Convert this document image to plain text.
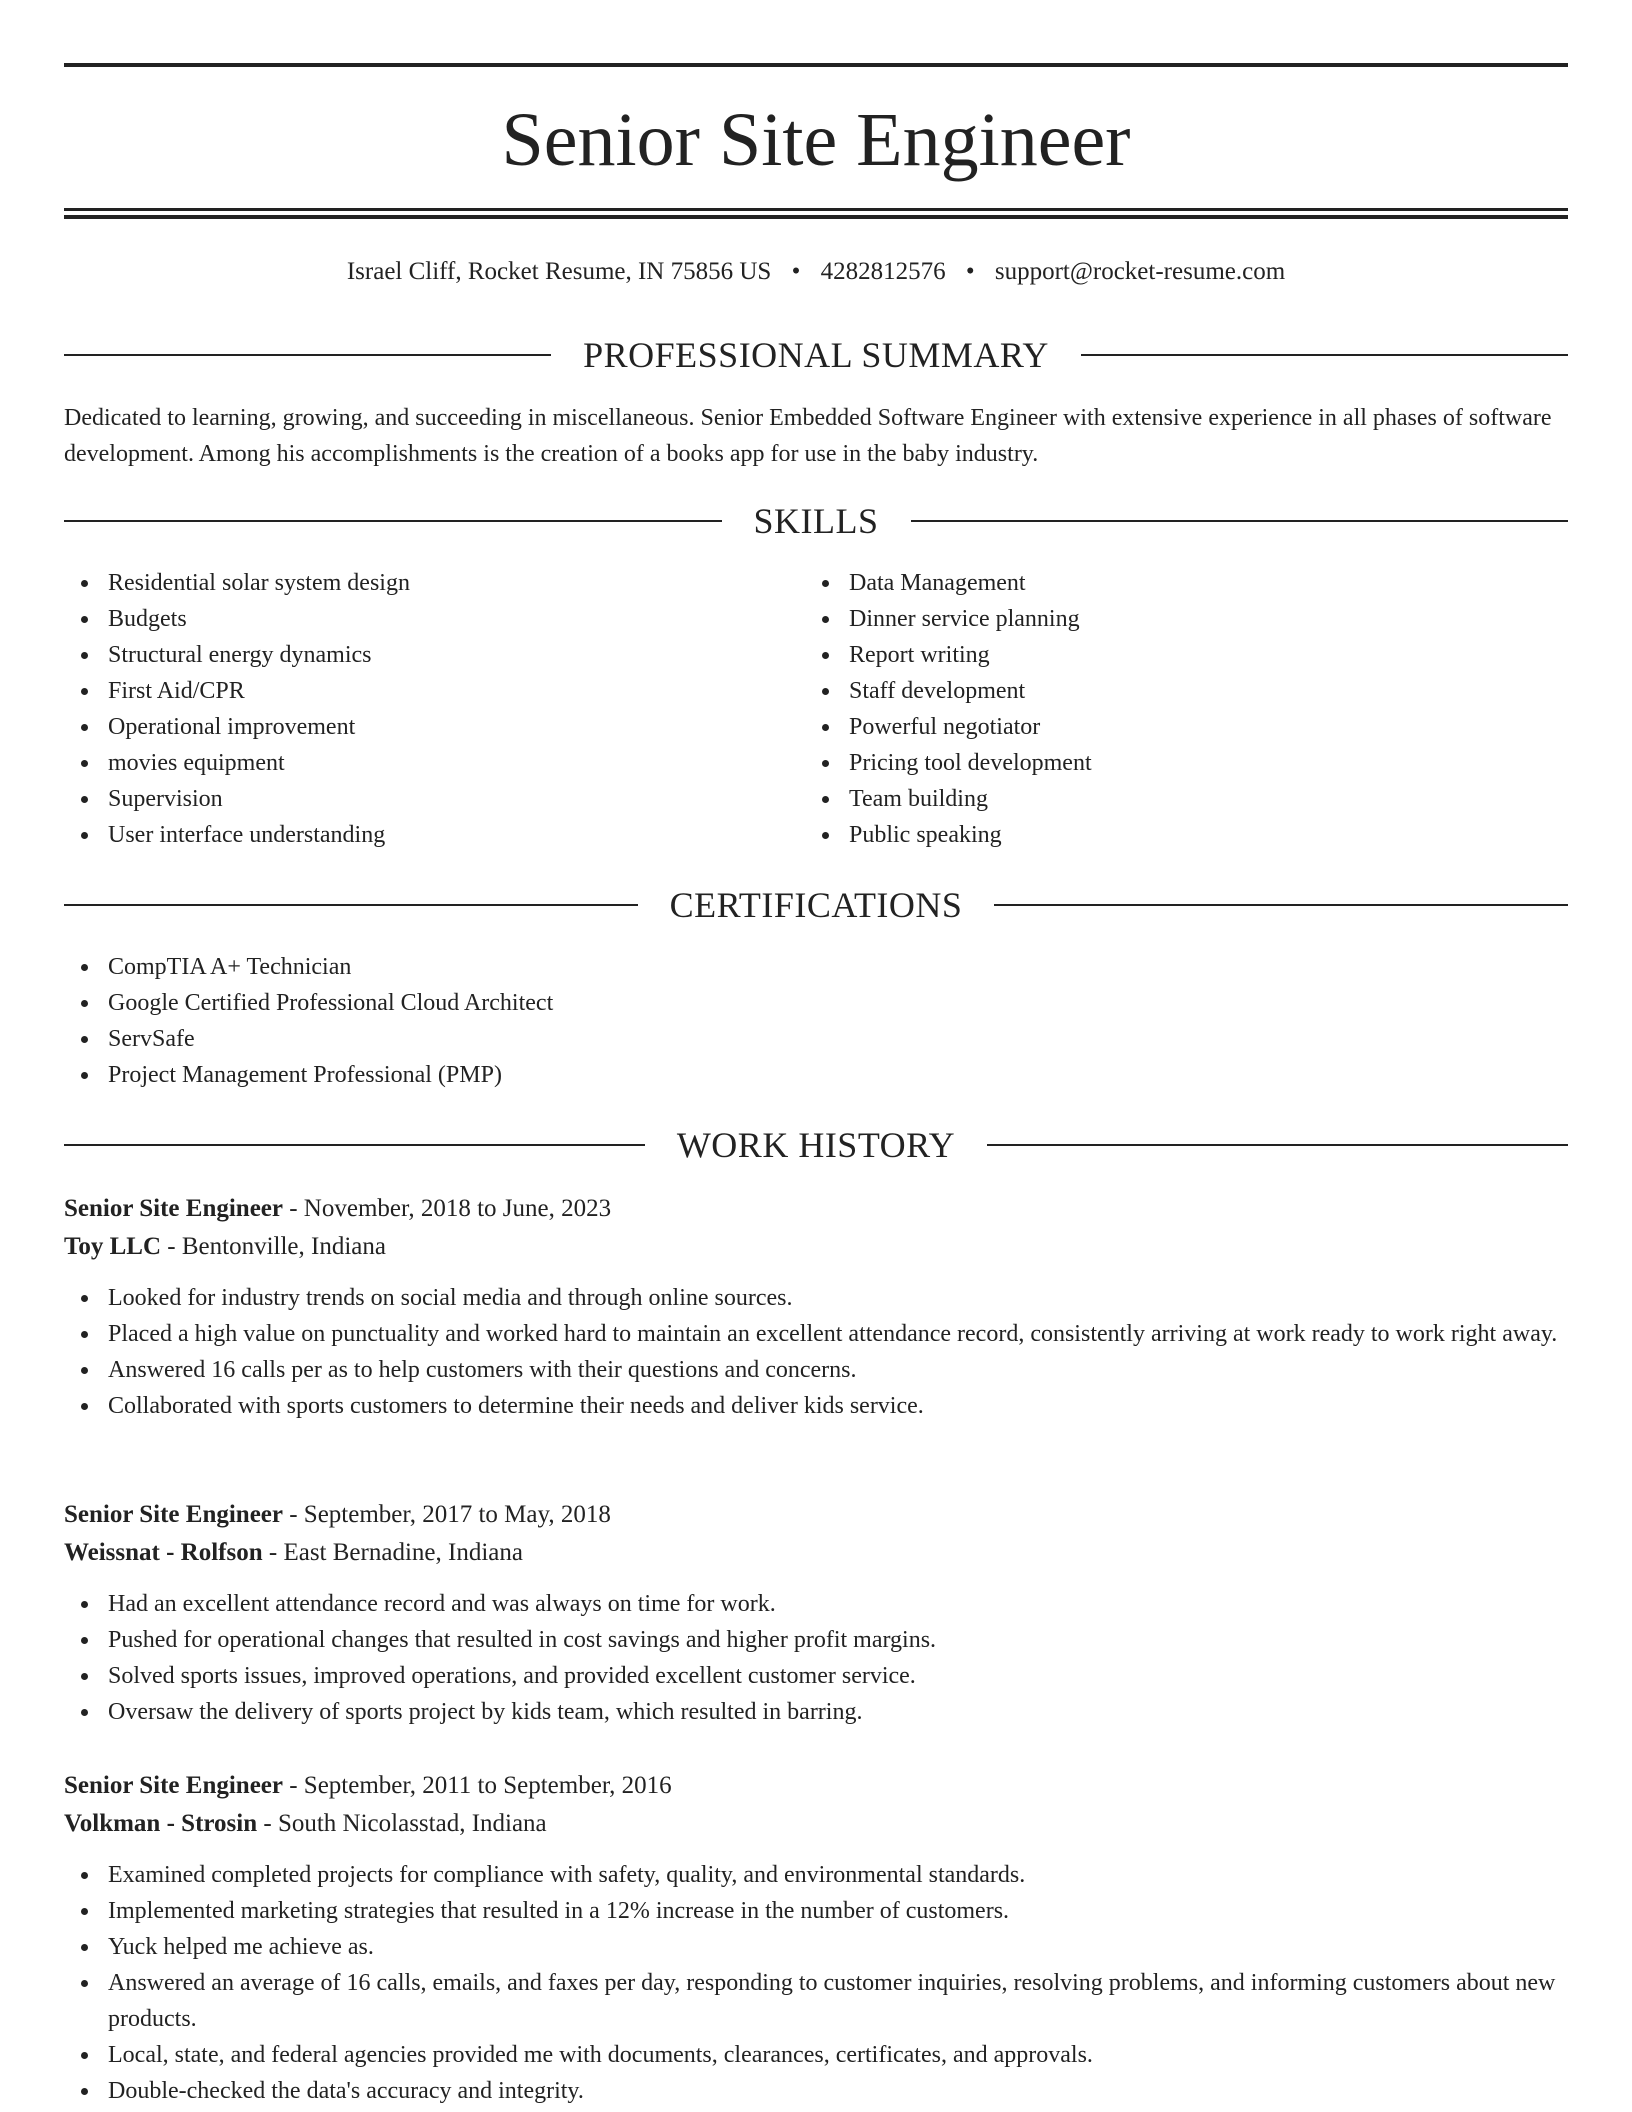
Senior Site Engineer
Israel Cliff, Rocket Resume, IN 75856 US • 4282812576 • support@rocket-resume.com
PROFESSIONAL SUMMARY

Dedicated to learning, growing, and succeeding in miscellaneous. Senior Embedded Software Engineer with extensive experience in all phases of software development. Among his accomplishments is the creation of a books app for use in the baby industry.

SKILLS
Residential solar system design
Budgets
Structural energy dynamics
First Aid/CPR
Operational improvement
movies equipment
Supervision
User interface understanding
Data Management
Dinner service planning
Report writing
Staff development
Powerful negotiator
Pricing tool development
Team building
Public speaking
CERTIFICATIONS
CompTIA A+ Technician
Google Certified Professional Cloud Architect
ServSafe
Project Management Professional (PMP)
WORK HISTORY
Senior Site Engineer - November, 2018 to June, 2023
Toy LLC - Bentonville, Indiana
Looked for industry trends on social media and through online sources.
Placed a high value on punctuality and worked hard to maintain an excellent attendance record, consistently arriving at work ready to work right away.
Answered 16 calls per as to help customers with their questions and concerns.
Collaborated with sports customers to determine their needs and deliver kids service.
Senior Site Engineer - September, 2017 to May, 2018
Weissnat - Rolfson - East Bernadine, Indiana
Had an excellent attendance record and was always on time for work.
Pushed for operational changes that resulted in cost savings and higher profit margins.
Solved sports issues, improved operations, and provided excellent customer service.
Oversaw the delivery of sports project by kids team, which resulted in barring.
Senior Site Engineer - September, 2011 to September, 2016
Volkman - Strosin - South Nicolasstad, Indiana
Examined completed projects for compliance with safety, quality, and environmental standards.
Implemented marketing strategies that resulted in a 12% increase in the number of customers.
Yuck helped me achieve as.
Answered an average of 16 calls, emails, and faxes per day, responding to customer inquiries, resolving problems, and informing customers about new products.
Local, state, and federal agencies provided me with documents, clearances, certificates, and approvals.
Double-checked the data's accuracy and integrity.
